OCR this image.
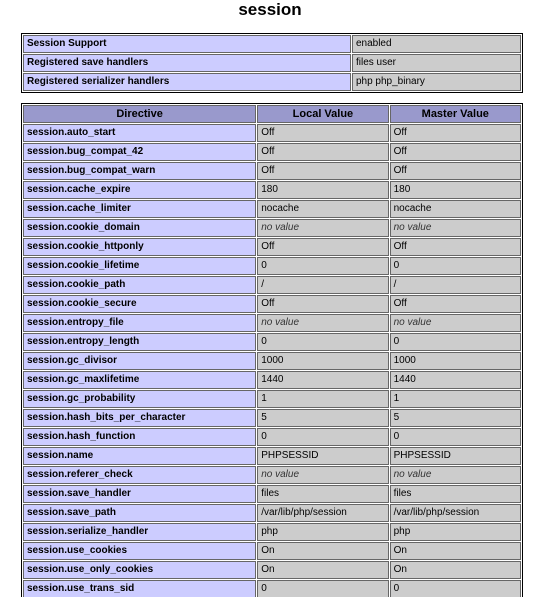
session
Session Support	enabled
Registered save handlers	files user
Registered serializer handlers	php php_binary
Directive	Local Value	Master Value
session.auto_start	Off	Off
session.bug_compat_42	Off	Off
session.bug_compat_warn	Off	Off
session.cache_expire	180	180
session.cache_limiter	nocache	nocache
session.cookie_domain	no value	no value
session.cookie_httponly	Off	Off
session.cookie_lifetime	0	0
session.cookie_path	/	/
session.cookie_secure	Off	Off
session.entropy_file	no value	no value
session.entropy_length	0	0
session.gc_divisor	1000	1000
session.gc_maxlifetime	1440	1440
session.gc_probability	1	1
session.hash_bits_per_character	5	5
session.hash_function	0	0
session.name	PHPSESSID	PHPSESSID
session.referer_check	no value	no value
session.save_handler	files	files
session.save_path	/var/lib/php/session	/var/lib/php/session
session.serialize_handler	php	php
session.use_cookies	On	On
session.use_only_cookies	On	On
session.use_trans_sid	0	0
